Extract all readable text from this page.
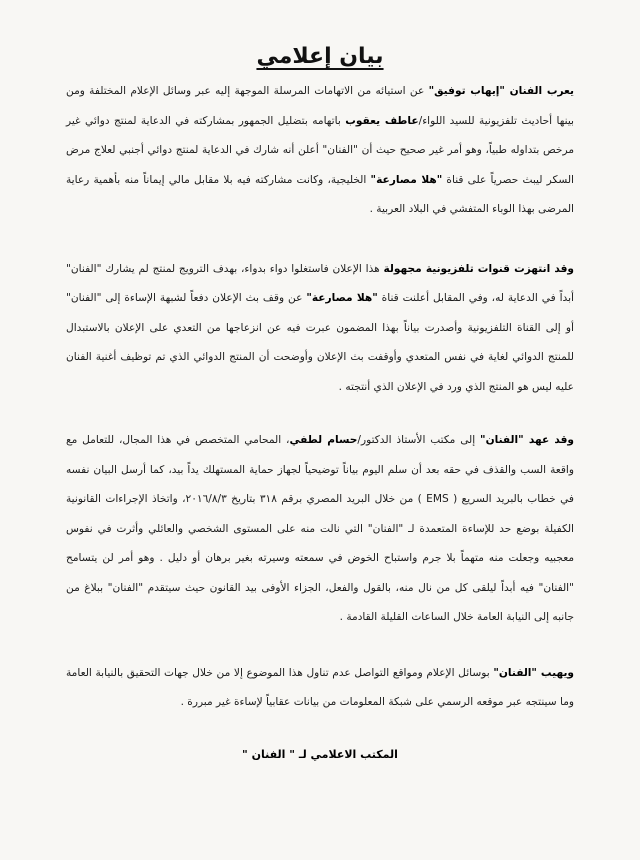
بيان إعلامي

يعرب الفنان "إيهاب توفيق" عن استيائه من الاتهامات المرسلة الموجهة إليه عبر وسائل الإعلام المختلفة ومن بينها أحاديث تلفزيونية للسيد اللواء/عاطف يعقوب باتهامه بتضليل الجمهور بمشاركته في الدعاية لمنتج دوائي غير مرخص بتداوله طبياً، وهو أمر غير صحيح حيث أن "الفنان" أعلن أنه شارك في الدعاية لمنتج دوائي أجنبي لعلاج مرض السكر ليبث حصرياً على قناة "هلا مصارعة" الخليجية، وكانت مشاركته فيه بلا مقابل مالي إيماناً منه بأهمية رعاية المرضى بهذا الوباء المتفشي في البلاد العربية .

وقد انتهزت قنوات تلفزيونية مجهولة هذا الإعلان فاستغلوا دواء بدواء، بهدف الترويج لمنتج لم يشارك "الفنان" أبداً في الدعاية له، وفي المقابل أعلنت قناة "هلا مصارعة" عن وقف بث الإعلان دفعاً لشبهة الإساءة إلى "الفنان" أو إلى القناة التلفزيونية وأصدرت بياناً بهذا المضمون عبرت فيه عن انزعاجها من التعدي على الإعلان بالاستبدال للمنتج الدوائي لغاية في نفس المتعدي وأوقفت بث الإعلان وأوضحت أن المنتج الدوائي الذي تم توظيف أغنية الفنان عليه ليس هو المنتج الذي ورد في الإعلان الذي أنتجته .

وقد عهد "الفنان" إلى مكتب الأستاذ الدكتور/حسام لطفي، المحامي المتخصص في هذا المجال، للتعامل مع واقعة السب والقذف في حقه بعد أن سلم اليوم بياناً توضيحياً لجهاز حماية المستهلك يداً بيد، كما أرسل البيان نفسه في خطاب بالبريد السريع ( EMS ) من خلال البريد المصري برقم ٣١٨ بتاريخ ٢٠١٦/٨/٣، واتخاذ الإجراءات القانونية الكفيلة بوضع حد للإساءة المتعمدة لـ "الفنان" التي نالت منه على المستوى الشخصي والعائلي وأثرت في نفوس معجبيه وجعلت منه متهماً بلا جرم واستباح الخوض في سمعته وسيرته بغير برهان أو دليل . وهو أمر لن يتسامح "الفنان" فيه أبداً ليلقى كل من نال منه، بالقول والفعل، الجزاء الأوفى بيد القانون حيث سيتقدم "الفنان" ببلاغ من جانبه إلى النيابة العامة خلال الساعات القليلة القادمة .

ويهيب "الفنان" بوسائل الإعلام ومواقع التواصل عدم تناول هذا الموضوع إلا من خلال جهات التحقيق بالنيابة العامة وما سينتجه عبر موقعه الرسمي على شبكة المعلومات من بيانات عقابياً لإساءة غير مبررة .

المكتب الاعلامي لـ " الفنان "
